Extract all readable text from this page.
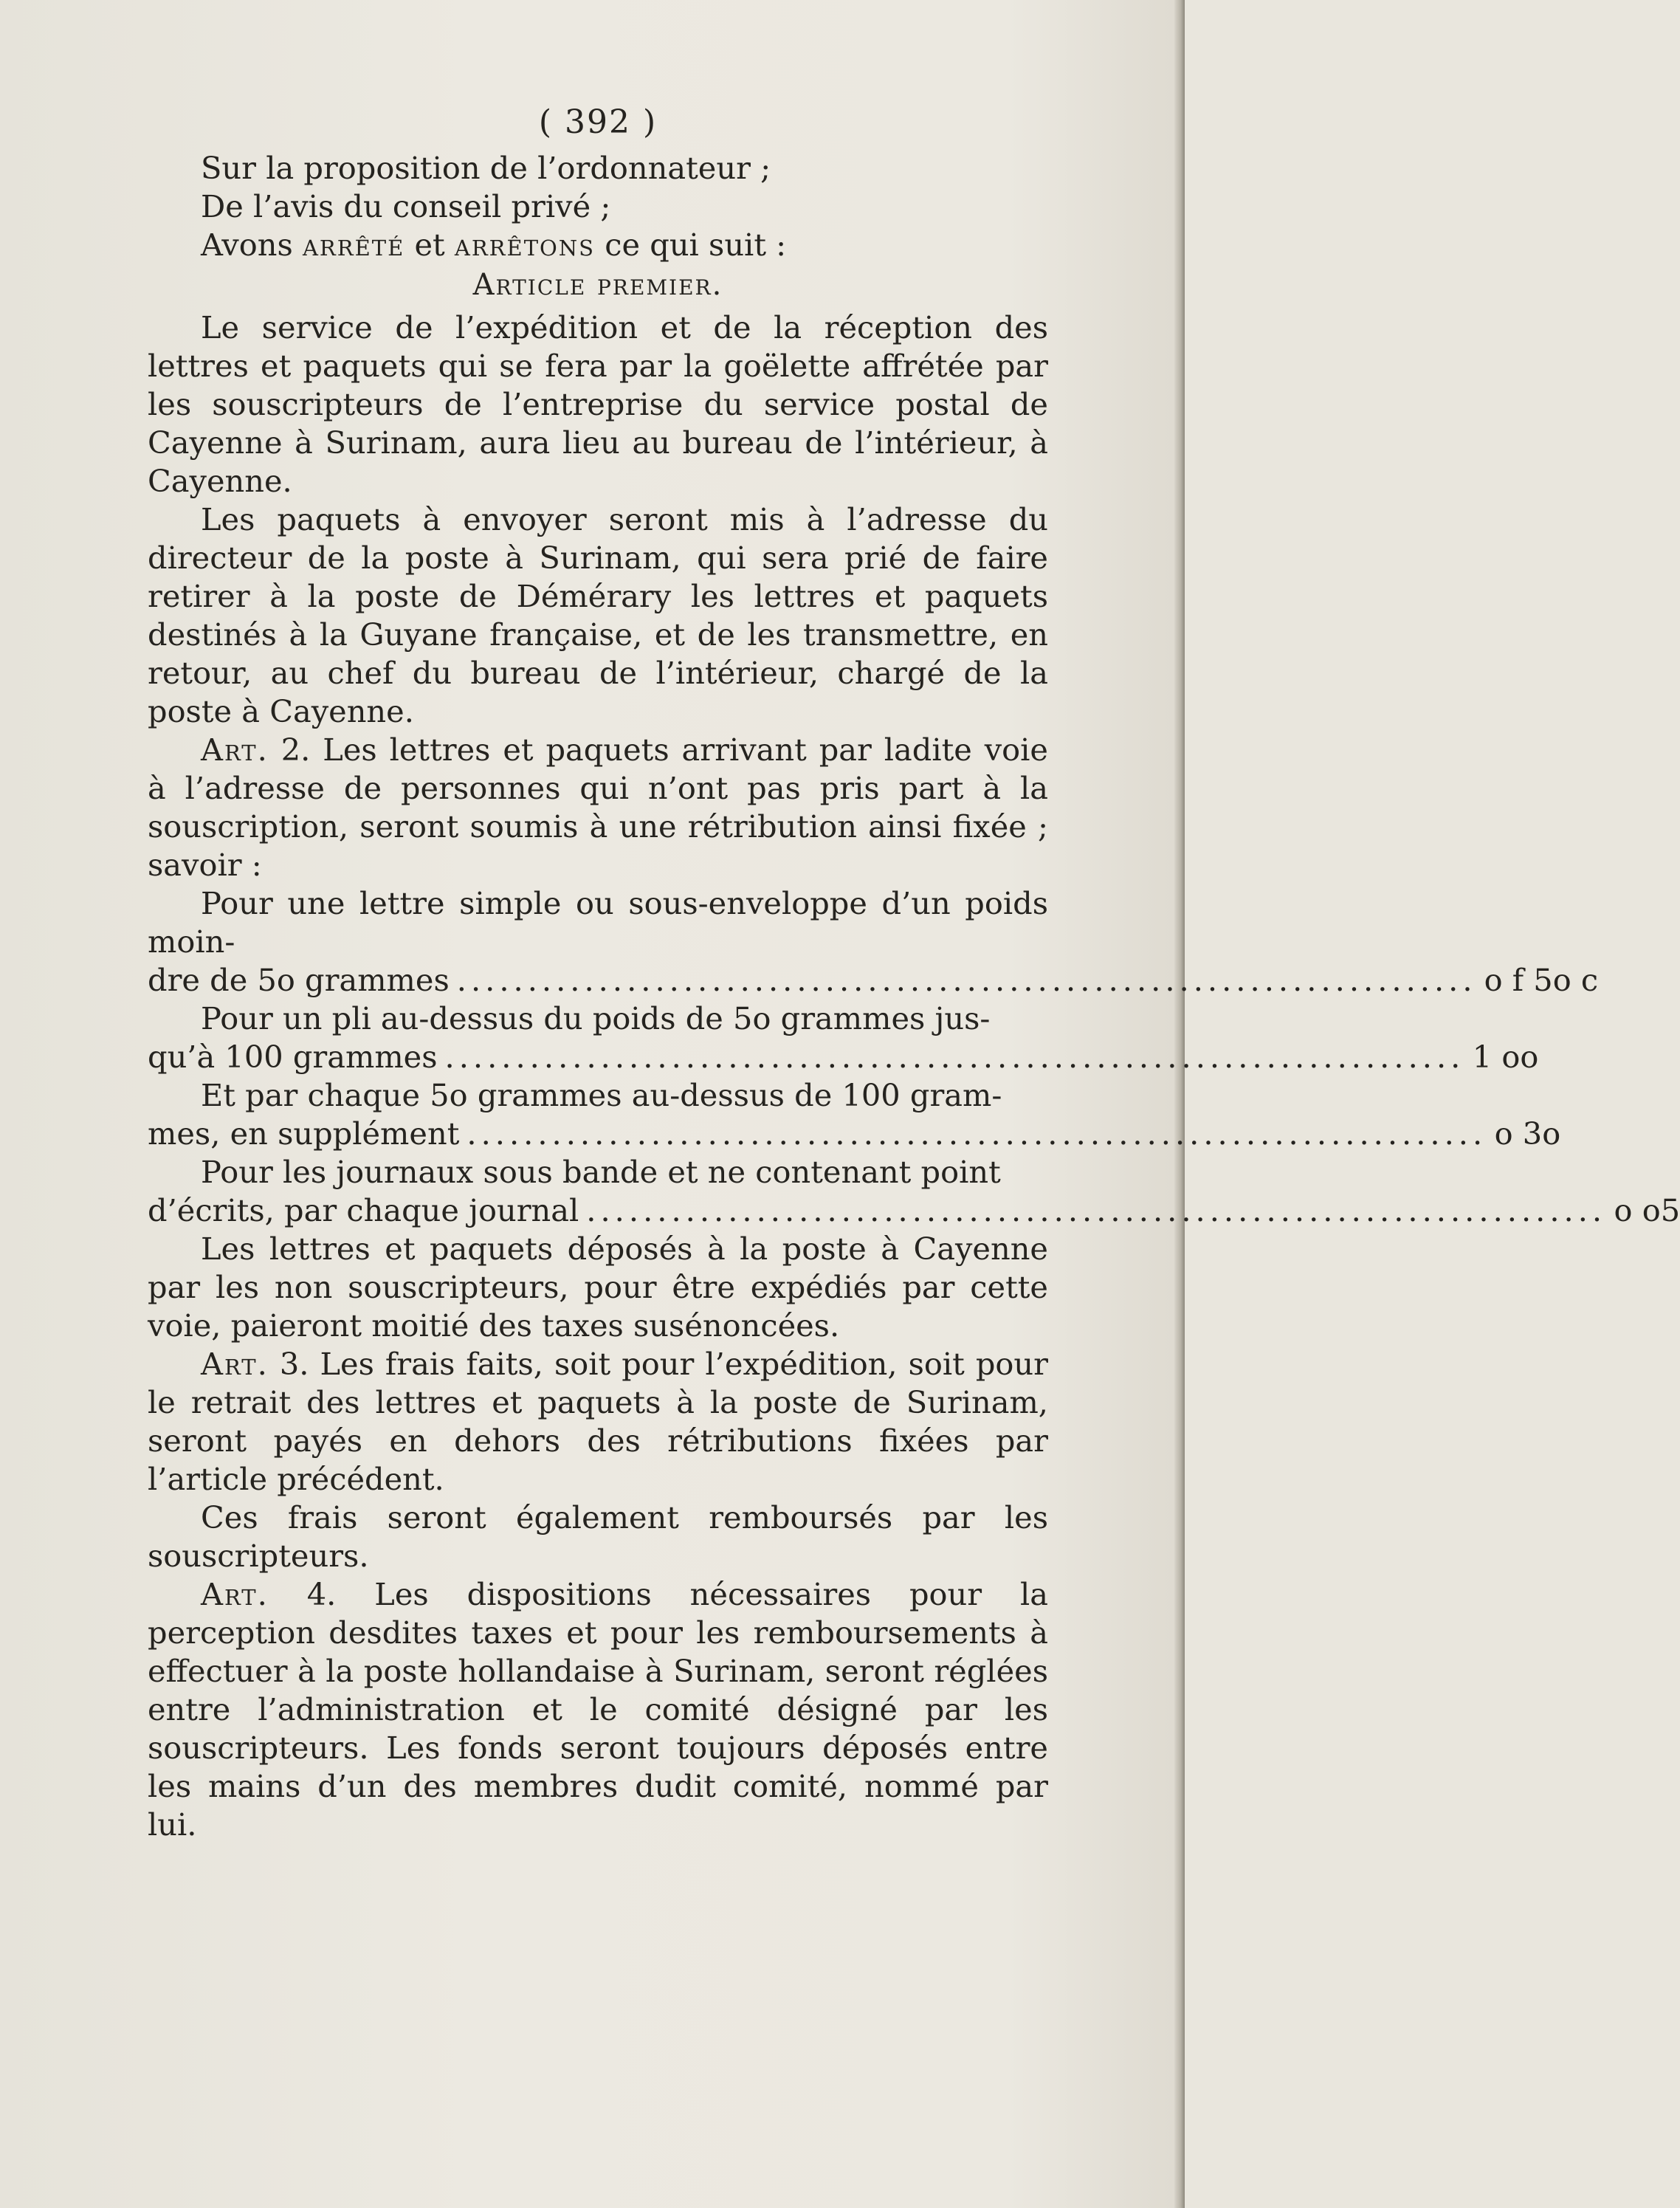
( 392 )

Sur la proposition de l’ordonnateur ;

De l’avis du conseil privé ;

Avons arrêté et arrêtons ce qui suit :

Article premier.

Le service de l’expédition et de la réception des lettres et paquets qui se fera par la goëlette affrétée par les souscripteurs de l’entreprise du service postal de Cayenne à Surinam, aura lieu au bureau de l’intérieur, à Cayenne.

Les paquets à envoyer seront mis à l’adresse du directeur de la poste à Surinam, qui sera prié de faire retirer à la poste de Démérary les lettres et paquets destinés à la Guyane française, et de les transmettre, en retour, au chef du bureau de l’intérieur, chargé de la poste à Cayenne.

Art. 2. Les lettres et paquets arrivant par ladite voie à l’adresse de personnes qui n’ont pas pris part à la souscription, seront soumis à une rétribution ainsi fixée ; savoir :

Pour une lettre simple ou sous-enveloppe d’un poids moin-

dre de 5o grammes ........................................................................ o f 5o c

Pour un pli au-dessus du poids de 5o grammes jus-

qu’à 100 grammes ........................................................................ 1 oo

Et par chaque 5o grammes au-dessus de 100 gram-

mes, en supplément ........................................................................ o 3o

Pour les journaux sous bande et ne contenant point

d’écrits, par chaque journal ........................................................................ o o5

Les lettres et paquets déposés à la poste à Cayenne par les non souscripteurs, pour être expédiés par cette voie, paieront moitié des taxes susénoncées.

Art. 3. Les frais faits, soit pour l’expédition, soit pour le retrait des lettres et paquets à la poste de Surinam, seront payés en dehors des rétributions fixées par l’article précédent.

Ces frais seront également remboursés par les souscripteurs.

Art. 4. Les dispositions nécessaires pour la perception desdites taxes et pour les remboursements à effectuer à la poste hollandaise à Surinam, seront réglées entre l’administration et le comité désigné par les souscripteurs. Les fonds seront toujours déposés entre les mains d’un des membres dudit comité, nommé par lui.
